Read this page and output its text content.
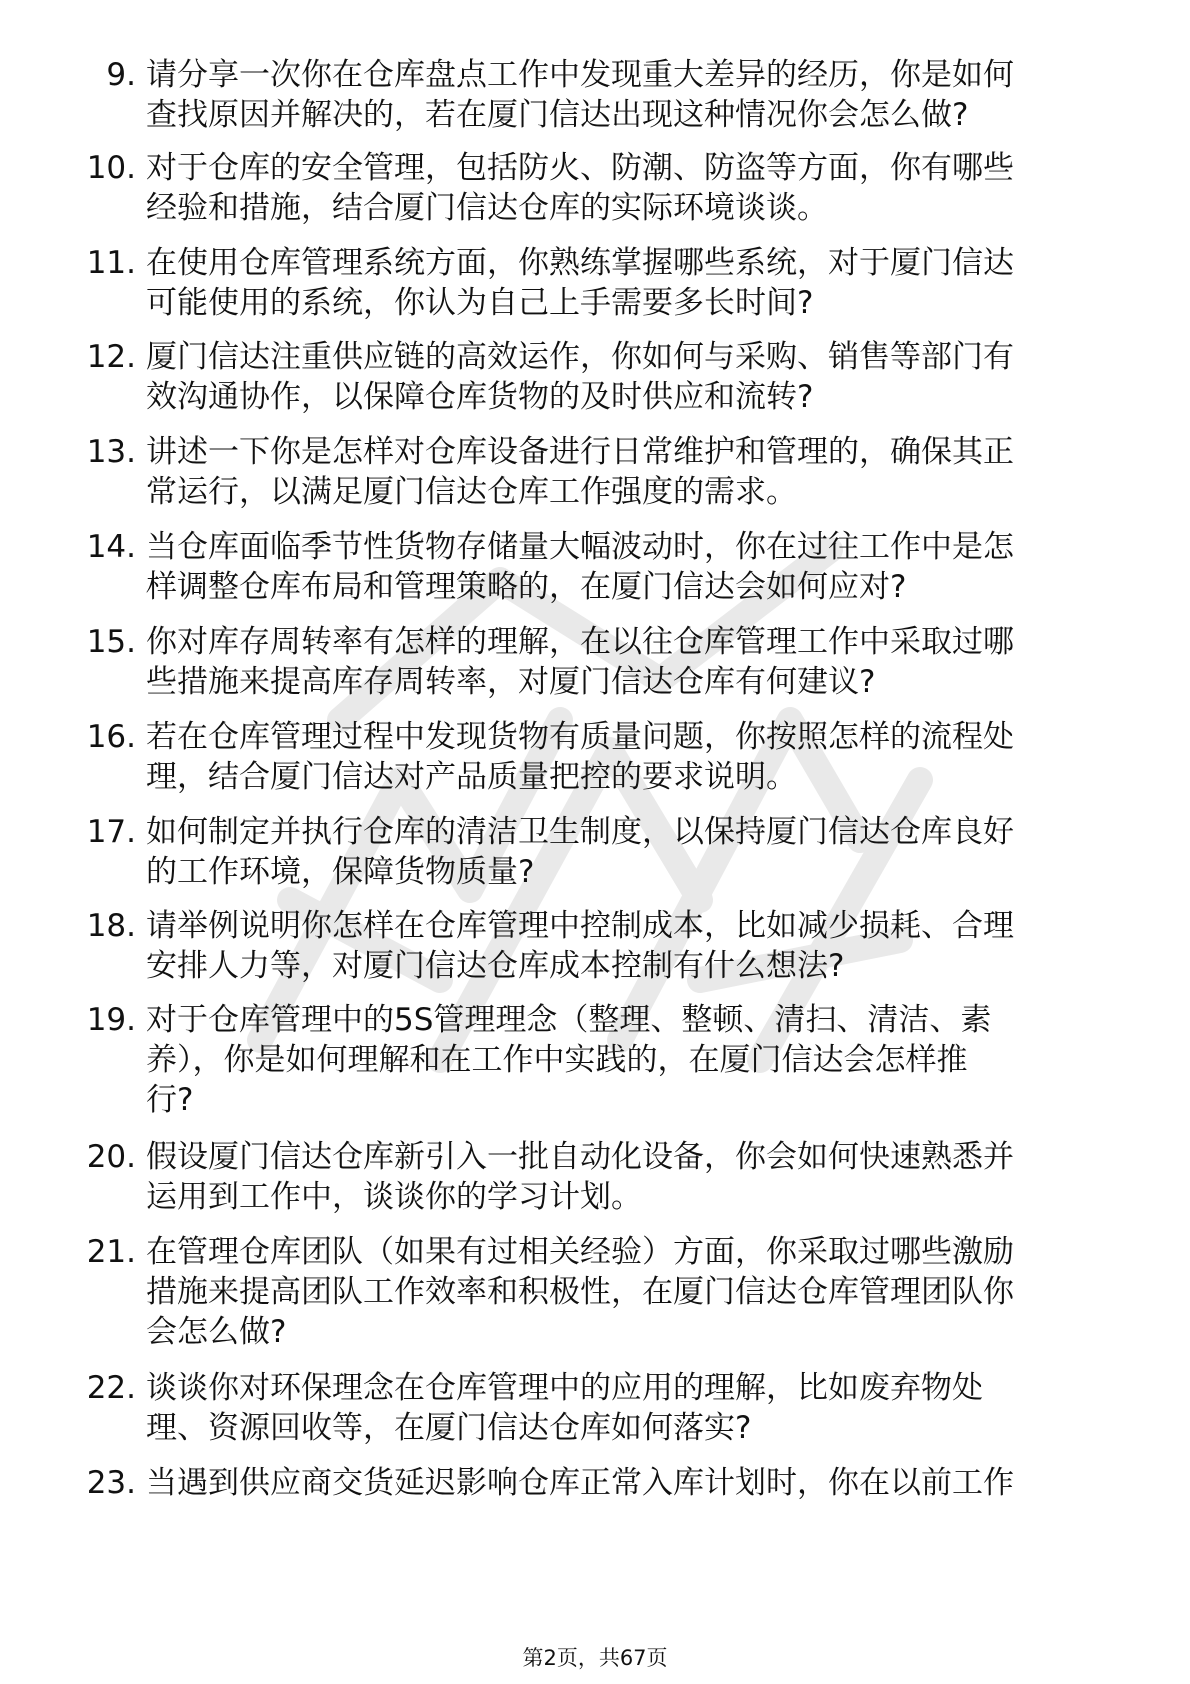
9. 请分享一次你在仓库盘点工作中发现重大差异的经历，你是如何
查找原因并解决的，若在厦门信达出现这种情况你会怎么做?

10. 对于仓库的安全管理，包括防火、防潮、防盗等方面，你有哪些
经验和措施，结合厦门信达仓库的实际环境谈谈。

11. 在使用仓库管理系统方面，你熟练掌握哪些系统，对于厦门信达
可能使用的系统，你认为自己上手需要多长时间?

12. 厦门信达注重供应链的高效运作，你如何与采购、销售等部门有
效沟通协作，以保障仓库货物的及时供应和流转?

13. 讲述一下你是怎样对仓库设备进行日常维护和管理的，确保其正
常运行，以满足厦门信达仓库工作强度的需求。

14. 当仓库面临季节性货物存储量大幅波动时，你在过往工作中是怎
样调整仓库布局和管理策略的，在厦门信达会如何应对?

15. 你对库存周转率有怎样的理解，在以往仓库管理工作中采取过哪
些措施来提高库存周转率，对厦门信达仓库有何建议?

16. 若在仓库管理过程中发现货物有质量问题，你按照怎样的流程处
理，结合厦门信达对产品质量把控的要求说明。

17. 如何制定并执行仓库的清洁卫生制度，以保持厦门信达仓库良好
的工作环境，保障货物质量?

18. 请举例说明你怎样在仓库管理中控制成本，比如减少损耗、合理
安排人力等，对厦门信达仓库成本控制有什么想法?

19. 对于仓库管理中的5S管理理念（整理、整顿、清扫、清洁、素
养），你是如何理解和在工作中实践的，在厦门信达会怎样推
行?

20. 假设厦门信达仓库新引入一批自动化设备，你会如何快速熟悉并
运用到工作中，谈谈你的学习计划。

21. 在管理仓库团队（如果有过相关经验）方面，你采取过哪些激励
措施来提高团队工作效率和积极性，在厦门信达仓库管理团队你
会怎么做?

22. 谈谈你对环保理念在仓库管理中的应用的理解，比如废弃物处
理、资源回收等，在厦门信达仓库如何落实?

23. 当遇到供应商交货延迟影响仓库正常入库计划时，你在以前工作

第2页，共67页
